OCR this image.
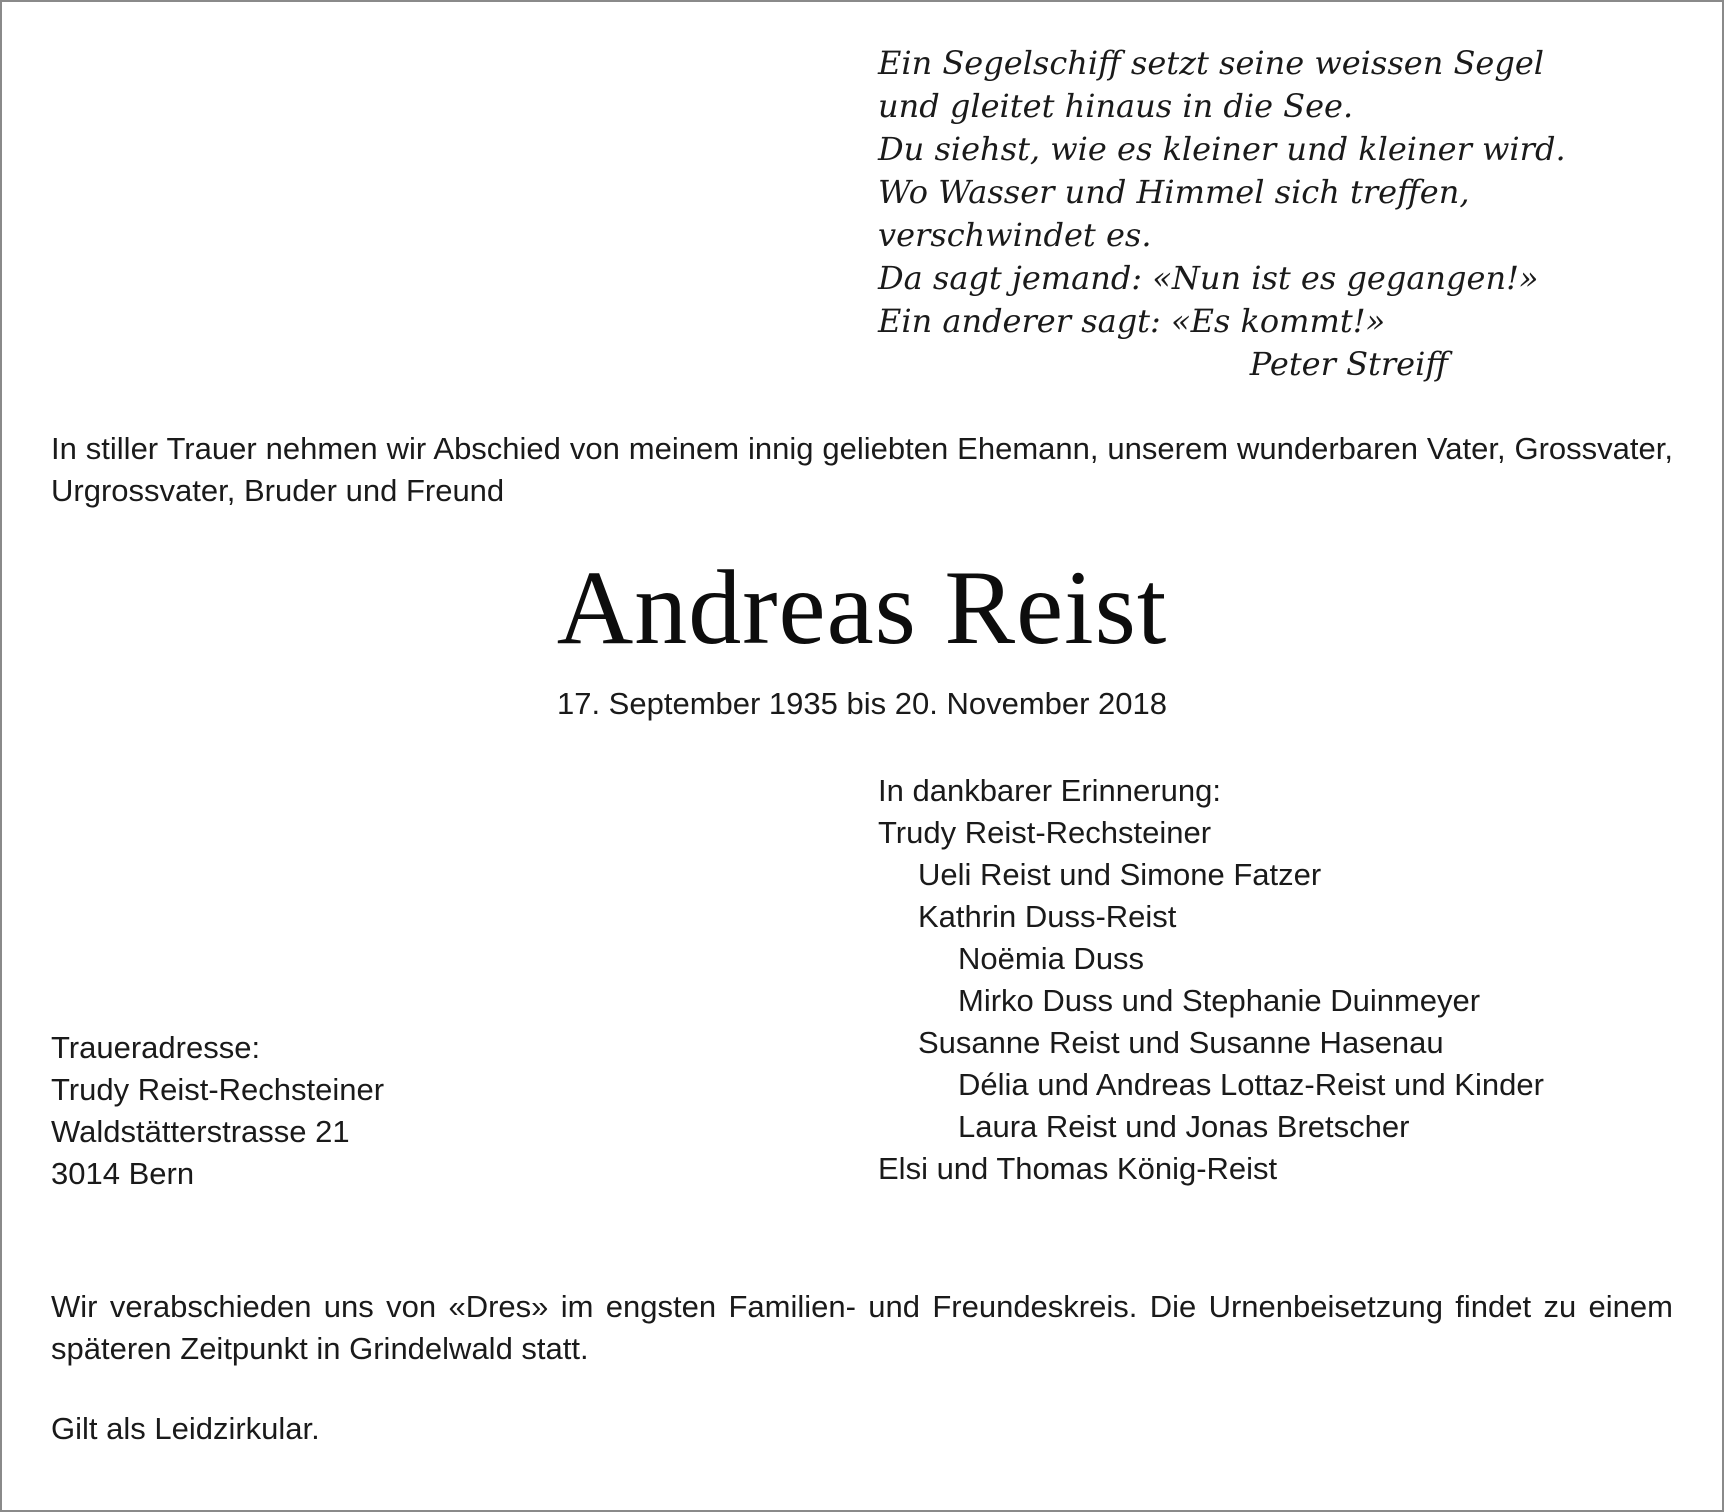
Ein Segelschiff setzt seine weissen Segel
und gleitet hinaus in die See.
Du siehst, wie es kleiner und kleiner wird.
Wo Wasser und Himmel sich treffen,
verschwindet es.
Da sagt jemand: «Nun ist es gegangen!»
Ein anderer sagt: «Es kommt!»
Peter Streiff
In stiller Trauer nehmen wir Abschied von meinem innig geliebten Ehemann, unserem wunderbaren Vater, Grossvater, Urgrossvater, Bruder und Freund
Andreas Reist
17. September 1935 bis 20. November 2018
In dankbarer Erinnerung:
Trudy Reist-Rechsteiner
Ueli Reist und Simone Fatzer
Kathrin Duss-Reist
Noëmia Duss
Mirko Duss und Stephanie Duinmeyer
Susanne Reist und Susanne Hasenau
Délia und Andreas Lottaz-Reist und Kinder
Laura Reist und Jonas Bretscher
Elsi und Thomas König-Reist
Traueradresse:
Trudy Reist-Rechsteiner
Waldstätterstrasse 21
3014 Bern
Wir verabschieden uns von «Dres» im engsten Familien- und Freundeskreis. Die Urnenbeisetzung findet zu einem späteren Zeitpunkt in Grindelwald statt.
Gilt als Leidzirkular.
